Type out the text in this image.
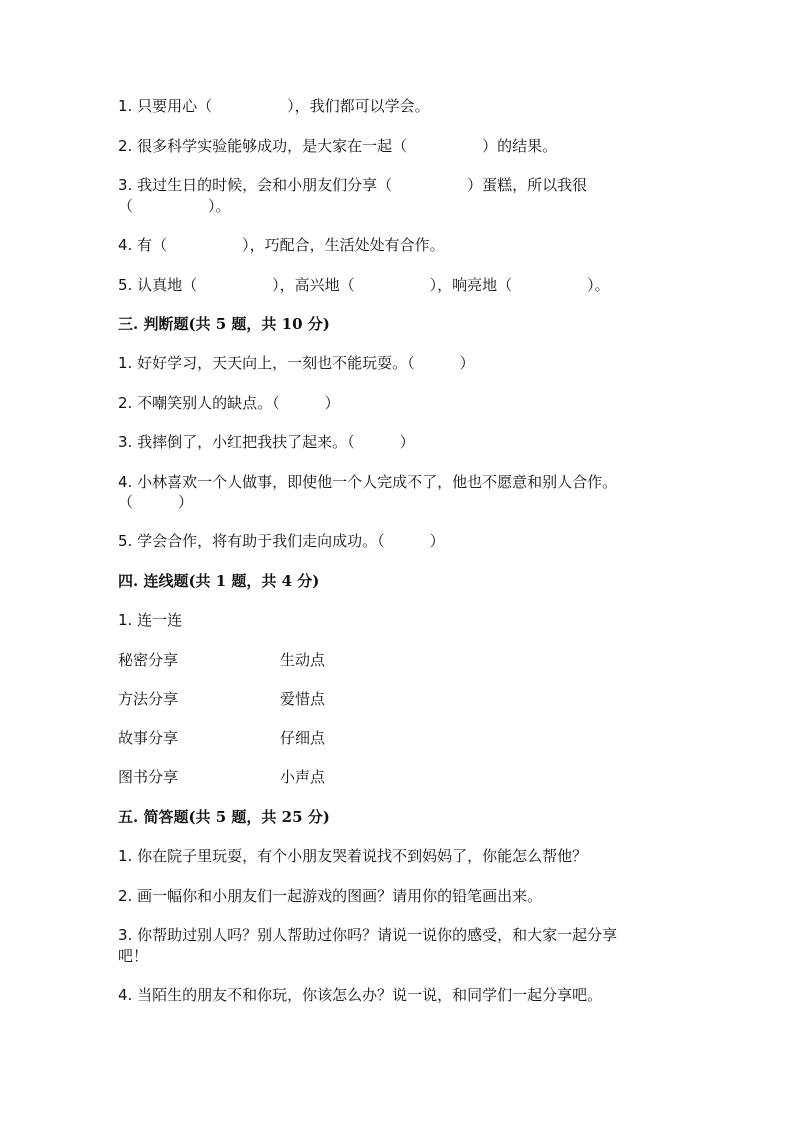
1. 只要用心（　　　　　），我们都可以学会。
2. 很多科学实验能够成功，是大家在一起（　　　　　）的结果。
3. 我过生日的时候，会和小朋友们分享（　　　　　）蛋糕，所以我很
（　　　　　）。
4. 有（　　　　　），巧配合，生活处处有合作。
5. 认真地（　　　　　），高兴地（　　　　　），响亮地（　　　　　）。
三. 判断题(共 5 题，共 10 分)
1. 好好学习，天天向上，一刻也不能玩耍。（　　　）
2. 不嘲笑别人的缺点。（　　　）
3. 我摔倒了，小红把我扶了起来。（　　　）
4. 小林喜欢一个人做事，即使他一个人完成不了，他也不愿意和别人合作。
（　　　）
5. 学会合作，将有助于我们走向成功。（　　　）
四. 连线题(共 1 题，共 4 分)
1. 连一连
秘密分享	生动点
方法分享	爱惜点
故事分享	仔细点
图书分享	小声点
五. 简答题(共 5 题，共 25 分)
1. 你在院子里玩耍，有个小朋友哭着说找不到妈妈了，你能怎么帮他？
2. 画一幅你和小朋友们一起游戏的图画？请用你的铅笔画出来。
3. 你帮助过别人吗？别人帮助过你吗？请说一说你的感受，和大家一起分享
吧！
4. 当陌生的朋友不和你玩，你该怎么办？说一说，和同学们一起分享吧。
